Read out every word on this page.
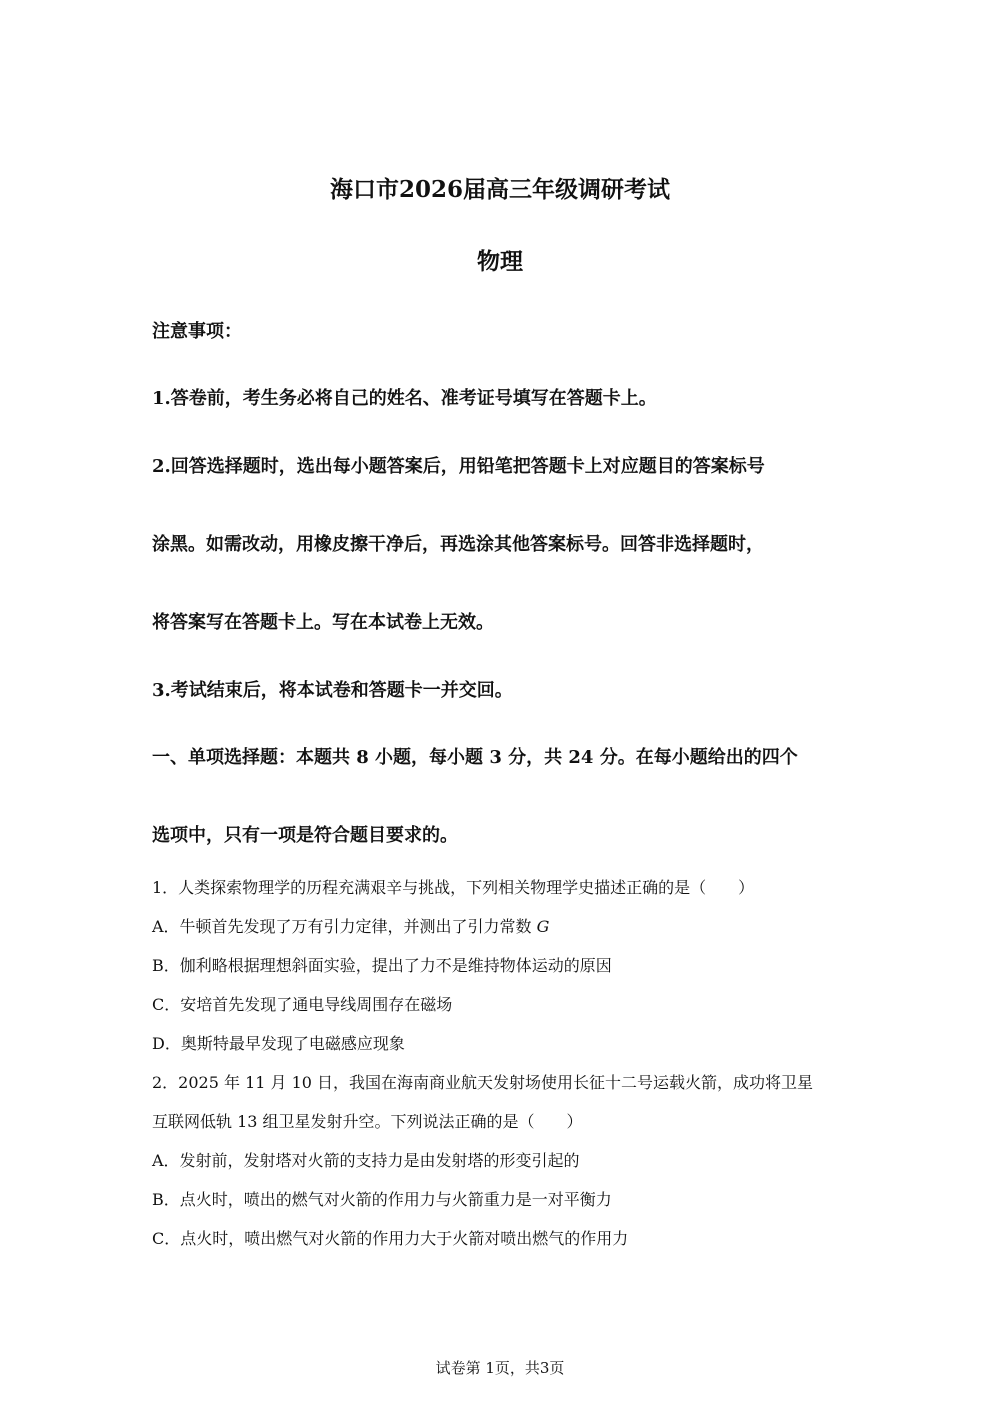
海口市2026届高三年级调研考试
物理
注意事项：
1.答卷前，考生务必将自己的姓名、准考证号填写在答题卡上。
2.回答选择题时，选出每小题答案后，用铅笔把答题卡上对应题目的答案标号
涂黑。如需改动，用橡皮擦干净后，再选涂其他答案标号。回答非选择题时，
将答案写在答题卡上。写在本试卷上无效。
3.考试结束后，将本试卷和答题卡一并交回。
一、单项选择题：本题共 8 小题，每小题 3 分，共 24 分。在每小题给出的四个
选项中，只有一项是符合题目要求的。
1．人类探索物理学的历程充满艰辛与挑战，下列相关物理学史描述正确的是（　　）
A．牛顿首先发现了万有引力定律，并测出了引力常数 G
B．伽利略根据理想斜面实验，提出了力不是维持物体运动的原因
C．安培首先发现了通电导线周围存在磁场
D．奥斯特最早发现了电磁感应现象
2．2025 年 11 月 10 日，我国在海南商业航天发射场使用长征十二号运载火箭，成功将卫星
互联网低轨 13 组卫星发射升空。下列说法正确的是（　　）
A．发射前，发射塔对火箭的支持力是由发射塔的形变引起的
B．点火时，喷出的燃气对火箭的作用力与火箭重力是一对平衡力
C．点火时，喷出燃气对火箭的作用力大于火箭对喷出燃气的作用力
试卷第 1页，共3页
